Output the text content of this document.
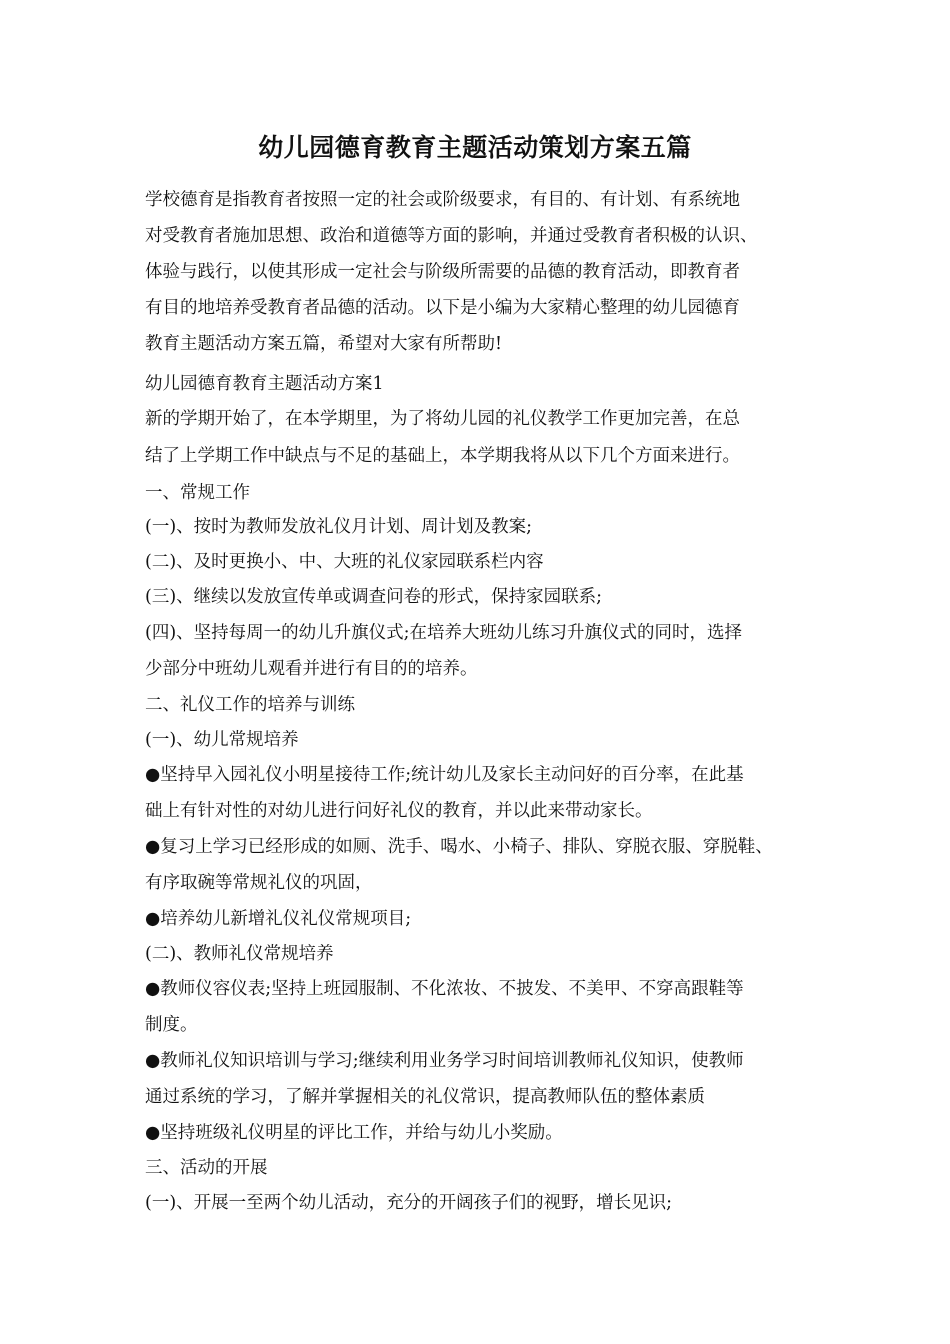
幼儿园德育教育主题活动策划方案五篇
学校德育是指教育者按照一定的社会或阶级要求，有目的、有计划、有系统地
对受教育者施加思想、政治和道德等方面的影响，并通过受教育者积极的认识、
体验与践行，以使其形成一定社会与阶级所需要的品德的教育活动，即教育者
有目的地培养受教育者品德的活动。以下是小编为大家精心整理的幼儿园德育
教育主题活动方案五篇，希望对大家有所帮助!
幼儿园德育教育主题活动方案1
新的学期开始了，在本学期里，为了将幼儿园的礼仪教学工作更加完善，在总
结了上学期工作中缺点与不足的基础上，本学期我将从以下几个方面来进行。
一、常规工作
(一)、按时为教师发放礼仪月计划、周计划及教案;
(二)、及时更换小、中、大班的礼仪家园联系栏内容
(三)、继续以发放宣传单或调查问卷的形式，保持家园联系;
(四)、坚持每周一的幼儿升旗仪式;在培养大班幼儿练习升旗仪式的同时，选择
少部分中班幼儿观看并进行有目的的培养。
二、礼仪工作的培养与训练
(一)、幼儿常规培养
●坚持早入园礼仪小明星接待工作;统计幼儿及家长主动问好的百分率，在此基
础上有针对性的对幼儿进行问好礼仪的教育，并以此来带动家长。
●复习上学习已经形成的如厕、洗手、喝水、小椅子、排队、穿脱衣服、穿脱鞋、
有序取碗等常规礼仪的巩固，
●培养幼儿新增礼仪礼仪常规项目;
(二)、教师礼仪常规培养
●教师仪容仪表;坚持上班园服制、不化浓妆、不披发、不美甲、不穿高跟鞋等
制度。
●教师礼仪知识培训与学习;继续利用业务学习时间培训教师礼仪知识，使教师
通过系统的学习，了解并掌握相关的礼仪常识，提高教师队伍的整体素质
●坚持班级礼仪明星的评比工作，并给与幼儿小奖励。
三、活动的开展
(一)、开展一至两个幼儿活动，充分的开阔孩子们的视野，增长见识;
